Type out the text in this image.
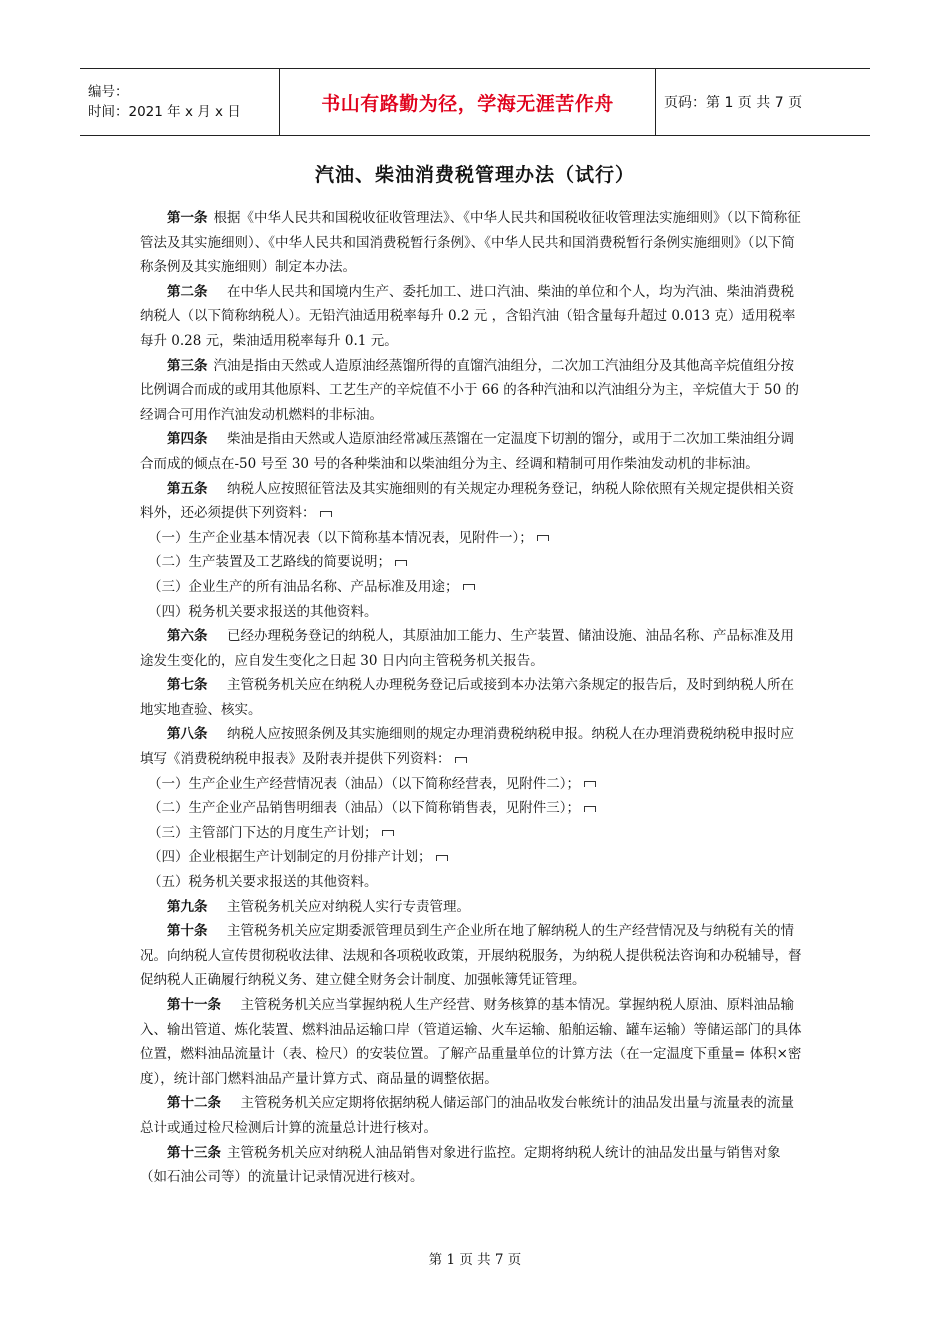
编号：
时间：2021 年 x 月 x 日	书山有路勤为径，学海无涯苦作舟	页码：第 1 页 共 7 页
汽油、柴油消费税管理办法（试行）

第一条 根据《中华人民共和国税收征收管理法》、《中华人民共和国税收征收管理法实施细则》（以下简称征管法及其实施细则）、《中华人民共和国消费税暂行条例》、《中华人民共和国消费税暂行条例实施细则》（以下简称条例及其实施细则）制定本办法。

第二条　在中华人民共和国境内生产、委托加工、进口汽油、柴油的单位和个人，均为汽油、柴油消费税纳税人（以下简称纳税人）。无铅汽油适用税率每升 0.2 元 ，含铅汽油（铅含量每升超过 0.013 克）适用税率每升 0.28 元，柴油适用税率每升 0.1 元。

第三条 汽油是指由天然或人造原油经蒸馏所得的直馏汽油组分，二次加工汽油组分及其他高辛烷值组分按比例调合而成的或用其他原料、工艺生产的辛烷值不小于 66 的各种汽油和以汽油组分为主，辛烷值大于 50 的经调合可用作汽油发动机燃料的非标油。

第四条　柴油是指由天然或人造原油经常减压蒸馏在一定温度下切割的馏分，或用于二次加工柴油组分调合而成的倾点在-50 号至 30 号的各种柴油和以柴油组分为主、经调和精制可用作柴油发动机的非标油。

第五条　纳税人应按照征管法及其实施细则的有关规定办理税务登记，纳税人除依照有关规定提供相关资料外，还必须提供下列资料：

（一）生产企业基本情况表（以下简称基本情况表，见附件一）；

（二）生产装置及工艺路线的简要说明；

（三）企业生产的所有油品名称、产品标准及用途；

（四）税务机关要求报送的其他资料。

第六条　已经办理税务登记的纳税人，其原油加工能力、生产装置、储油设施、油品名称、产品标准及用途发生变化的，应自发生变化之日起 30 日内向主管税务机关报告。

第七条　主管税务机关应在纳税人办理税务登记后或接到本办法第六条规定的报告后，及时到纳税人所在地实地查验、核实。

第八条　纳税人应按照条例及其实施细则的规定办理消费税纳税申报。纳税人在办理消费税纳税申报时应填写《消费税纳税申报表》及附表并提供下列资料：

（一）生产企业生产经营情况表（油品）（以下简称经营表，见附件二）；

（二）生产企业产品销售明细表（油品）（以下简称销售表，见附件三）；

（三）主管部门下达的月度生产计划；

（四）企业根据生产计划制定的月份排产计划；

（五）税务机关要求报送的其他资料。

第九条　主管税务机关应对纳税人实行专责管理。

第十条　主管税务机关应定期委派管理员到生产企业所在地了解纳税人的生产经营情况及与纳税有关的情况。向纳税人宣传贯彻税收法律、法规和各项税收政策，开展纳税服务，为纳税人提供税法咨询和办税辅导，督促纳税人正确履行纳税义务、建立健全财务会计制度、加强帐簿凭证管理。

第十一条　主管税务机关应当掌握纳税人生产经营、财务核算的基本情况。掌握纳税人原油、原料油品输入、输出管道、炼化装置、燃料油品运输口岸（管道运输、火车运输、船舶运输、罐车运输）等储运部门的具体位置，燃料油品流量计（表、检尺）的安装位置。了解产品重量单位的计算方法（在一定温度下重量= 体积×密度），统计部门燃料油品产量计算方式、商品量的调整依据。

第十二条　主管税务机关应定期将依据纳税人储运部门的油品收发台帐统计的油品发出量与流量表的流量总计或通过检尺检测后计算的流量总计进行核对。

第十三条 主管税务机关应对纳税人油品销售对象进行监控。定期将纳税人统计的油品发出量与销售对象（如石油公司等）的流量计记录情况进行核对。

第 1 页 共 7 页
